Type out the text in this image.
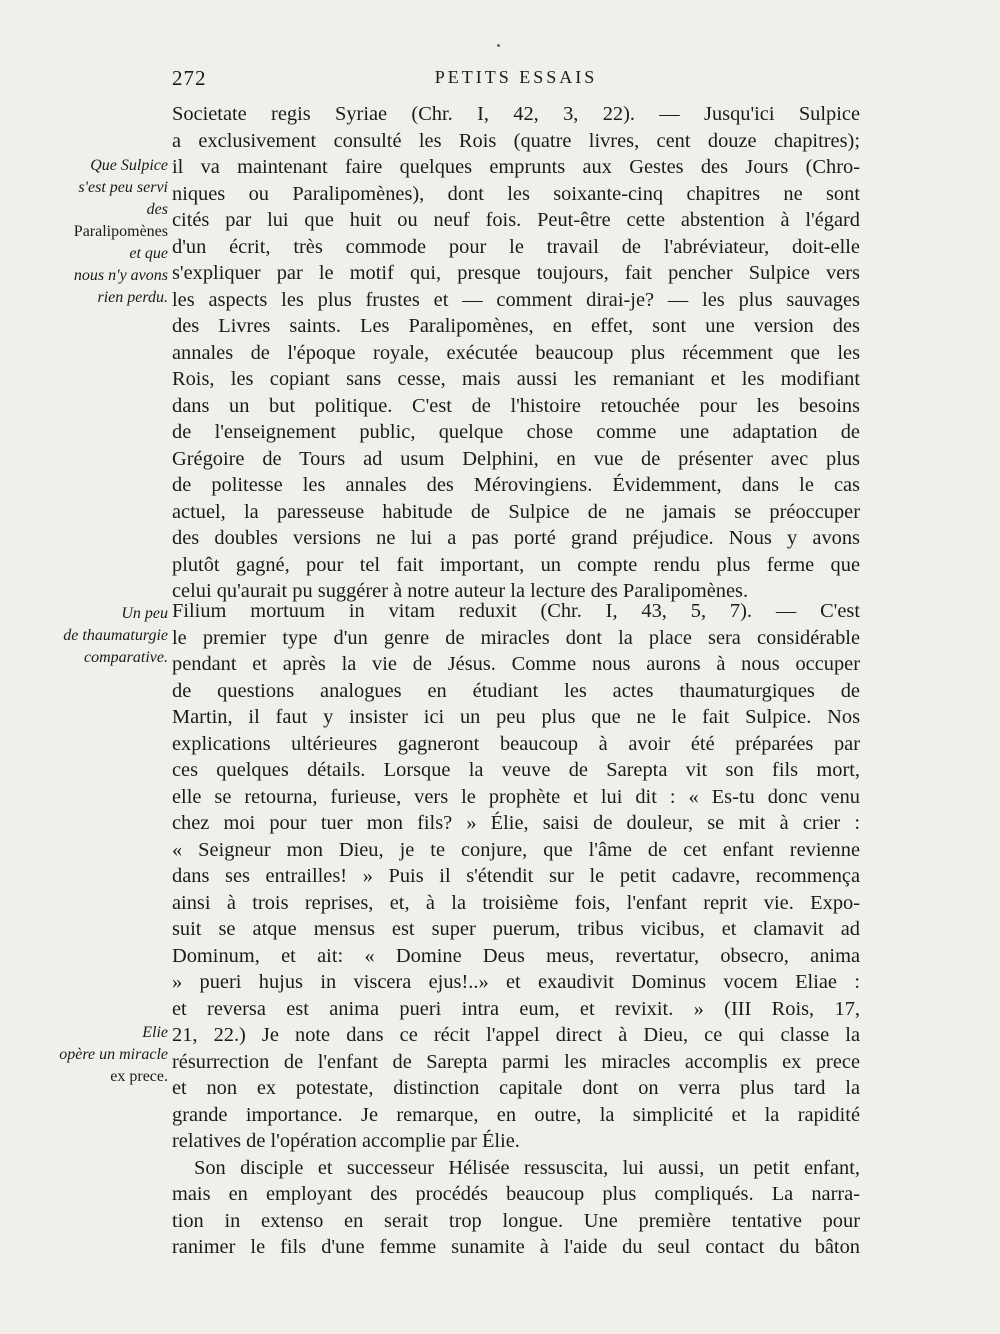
272	PETITS ESSAIS
Que Sulpice
s'est peu servi
des
Paralipomènes
et que
nous n'y avons
rien perdu.
Un peu
de thaumaturgie
comparative.
Elie
opère un miracle
ex prece.
Societate regis Syriae (Chr. I, 42, 3, 22). — Jusqu'ici Sulpice
a exclusivement consulté les Rois (quatre livres, cent douze chapitres);
il va maintenant faire quelques emprunts aux Gestes des Jours (Chro-
niques ou Paralipomènes), dont les soixante-cinq chapitres ne sont
cités par lui que huit ou neuf fois. Peut-être cette abstention à l'égard
d'un écrit, très commode pour le travail de l'abréviateur, doit-elle
s'expliquer par le motif qui, presque toujours, fait pencher Sulpice vers
les aspects les plus frustes et — comment dirai-je? — les plus sauvages
des Livres saints. Les Paralipomènes, en effet, sont une version des
annales de l'époque royale, exécutée beaucoup plus récemment que les
Rois, les copiant sans cesse, mais aussi les remaniant et les modifiant
dans un but politique. C'est de l'histoire retouchée pour les besoins
de l'enseignement public, quelque chose comme une adaptation de
Grégoire de Tours ad usum Delphini, en vue de présenter avec plus
de politesse les annales des Mérovingiens. Évidemment, dans le cas
actuel, la paresseuse habitude de Sulpice de ne jamais se préoccuper
des doubles versions ne lui a pas porté grand préjudice. Nous y avons
plutôt gagné, pour tel fait important, un compte rendu plus ferme que
celui qu'aurait pu suggérer à notre auteur la lecture des Paralipomènes.
Filium mortuum in vitam reduxit (Chr. I, 43, 5, 7). — C'est
le premier type d'un genre de miracles dont la place sera considérable
pendant et après la vie de Jésus. Comme nous aurons à nous occuper
de questions analogues en étudiant les actes thaumaturgiques de
Martin, il faut y insister ici un peu plus que ne le fait Sulpice. Nos
explications ultérieures gagneront beaucoup à avoir été préparées par
ces quelques détails. Lorsque la veuve de Sarepta vit son fils mort,
elle se retourna, furieuse, vers le prophète et lui dit : « Es-tu donc venu
chez moi pour tuer mon fils? » Élie, saisi de douleur, se mit à crier :
« Seigneur mon Dieu, je te conjure, que l'âme de cet enfant revienne
dans ses entrailles! » Puis il s'étendit sur le petit cadavre, recommença
ainsi à trois reprises, et, à la troisième fois, l'enfant reprit vie. Expo-
suit se atque mensus est super puerum, tribus vicibus, et clamavit ad
Dominum, et ait: « Domine Deus meus, revertatur, obsecro, anima
» pueri hujus in viscera ejus!..» et exaudivit Dominus vocem Eliae :
et reversa est anima pueri intra eum, et revixit. » (III Rois, 17,
21, 22.) Je note dans ce récit l'appel direct à Dieu, ce qui classe la
résurrection de l'enfant de Sarepta parmi les miracles accomplis ex prece
et non ex potestate, distinction capitale dont on verra plus tard la
grande importance. Je remarque, en outre, la simplicité et la rapidité
relatives de l'opération accomplie par Élie.
Son disciple et successeur Hélisée ressuscita, lui aussi, un petit enfant,
mais en employant des procédés beaucoup plus compliqués. La narra-
tion in extenso en serait trop longue. Une première tentative pour
ranimer le fils d'une femme sunamite à l'aide du seul contact du bâton
